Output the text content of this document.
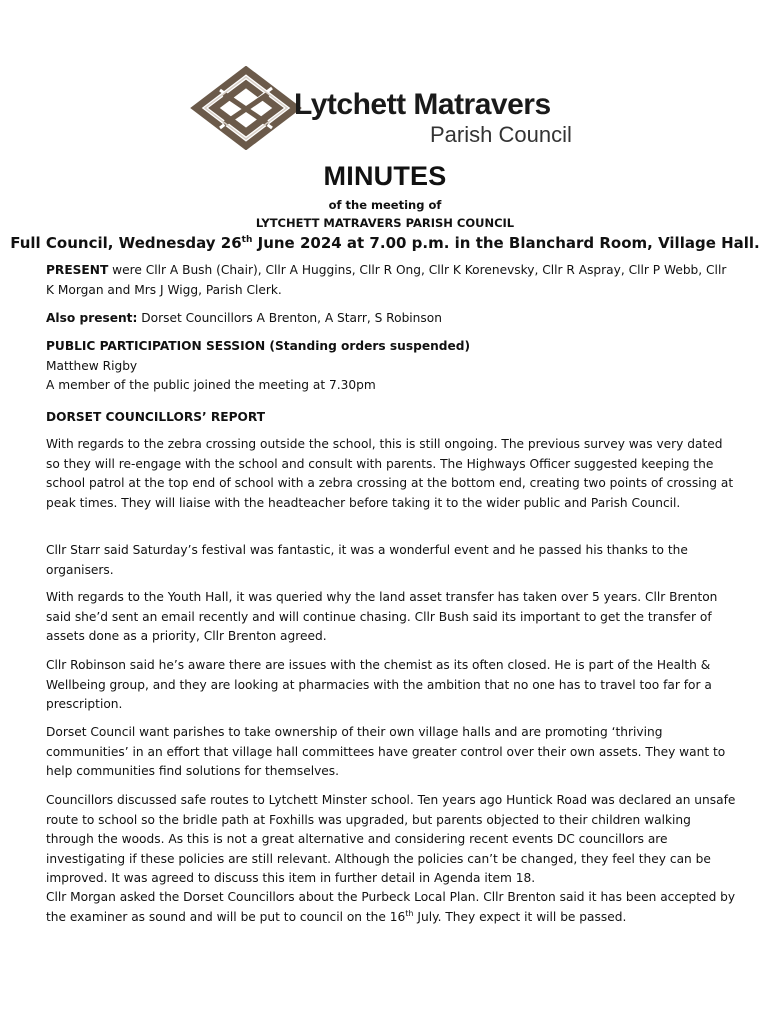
Lytchett Matravers
Parish Council
MINUTES
of the meeting of
LYTCHETT MATRAVERS PARISH COUNCIL
Full Council, Wednesday 26th June 2024 at 7.00 p.m. in the Blanchard Room, Village Hall.
PRESENT were Cllr A Bush (Chair), Cllr A Huggins, Cllr R Ong, Cllr K Korenevsky, Cllr R Aspray, Cllr P Webb, Cllr K Morgan and Mrs J Wigg, Parish Clerk.
Also present: Dorset Councillors A Brenton, A Starr, S Robinson
PUBLIC PARTICIPATION SESSION (Standing orders suspended)
Matthew Rigby
A member of the public joined the meeting at 7.30pm
DORSET COUNCILLORS’ REPORT
With regards to the zebra crossing outside the school, this is still ongoing. The previous survey was very dated so they will re-engage with the school and consult with parents. The Highways Officer suggested keeping the school patrol at the top end of school with a zebra crossing at the bottom end, creating two points of crossing at peak times. They will liaise with the headteacher before taking it to the wider public and Parish Council.
Cllr Starr said Saturday’s festival was fantastic, it was a wonderful event and he passed his thanks to the organisers.
With regards to the Youth Hall, it was queried why the land asset transfer has taken over 5 years. Cllr Brenton said she’d sent an email recently and will continue chasing. Cllr Bush said its important to get the transfer of assets done as a priority, Cllr Brenton agreed.
Cllr Robinson said he’s aware there are issues with the chemist as its often closed. He is part of the Health & Wellbeing group, and they are looking at pharmacies with the ambition that no one has to travel too far for a prescription.
Dorset Council want parishes to take ownership of their own village halls and are promoting ‘thriving communities’ in an effort that village hall committees have greater control over their own assets. They want to help communities find solutions for themselves.
Councillors discussed safe routes to Lytchett Minster school. Ten years ago Huntick Road was declared an unsafe route to school so the bridle path at Foxhills was upgraded, but parents objected to their children walking through the woods. As this is not a great alternative and considering recent events DC councillors are investigating if these policies are still relevant. Although the policies can’t be changed, they feel they can be improved. It was agreed to discuss this item in further detail in Agenda item 18.
Cllr Morgan asked the Dorset Councillors about the Purbeck Local Plan. Cllr Brenton said it has been accepted by the examiner as sound and will be put to council on the 16th July. They expect it will be passed.
